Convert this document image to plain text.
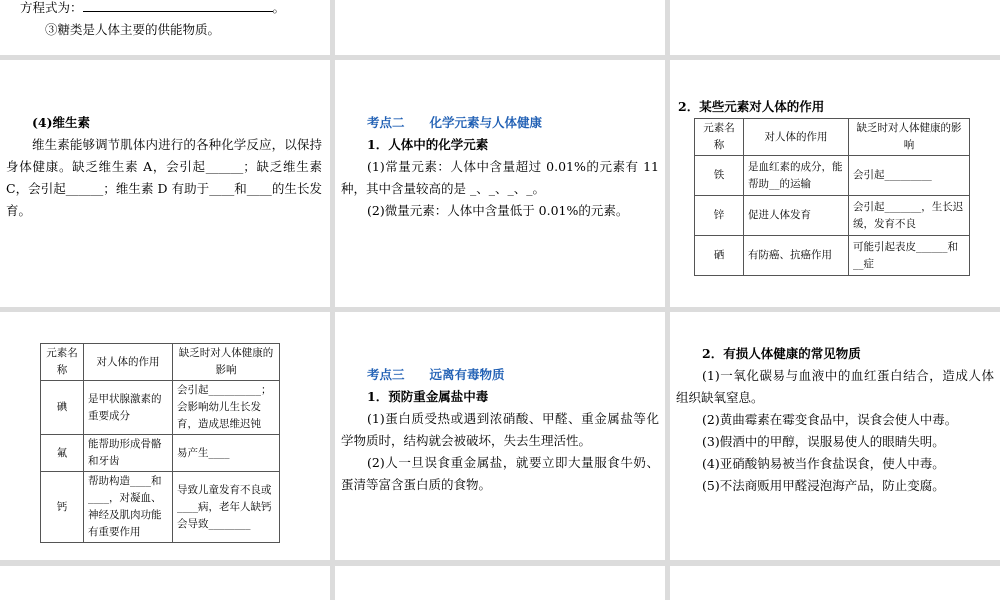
方程式为：	。
③糖类是人体主要的供能物质。

(4)维生素

维生素能够调节肌体内进行的各种化学反应，以保持身体健康。缺乏维生素 A，会引起______；缺乏维生素 C，会引起______；维生素 D 有助于____和____的生长发育。

考点二　　化学元素与人体健康

1．人体中的化学元素

(1)常量元素：人体中含量超过 0.01%的元素有 11 种，其中含量较高的是 _、_、_、_。

(2)微量元素：人体中含量低于 0.01%的元素。

2．某些元素对人体的作用
元素名称	对人体的作用	缺乏时对人体健康的影响
铁	是血红素的成分，能帮助__的运输	会引起_________
锌	促进人体发育	会引起_______，生长迟缓，发育不良
硒	有防癌、抗癌作用	可能引起表皮______和__症
元素名称	对人体的作用	缺乏时对人体健康的影响
碘	是甲状腺激素的重要成分	会引起__________；会影响幼儿生长发育，造成思维迟钝
氟	能帮助形成骨骼和牙齿	易产生____
钙	帮助构造____和____，对凝血、神经及肌肉功能有重要作用	导致儿童发育不良或____病，老年人缺钙会导致________

考点三　　远离有毒物质

1．预防重金属盐中毒

(1)蛋白质受热或遇到浓硝酸、甲醛、重金属盐等化学物质时，结构就会被破坏，失去生理活性。

(2)人一旦误食重金属盐，就要立即大量服食牛奶、蛋清等富含蛋白质的食物。

2．有损人体健康的常见物质

(1)一氧化碳易与血液中的血红蛋白结合，造成人体组织缺氧窒息。

(2)黄曲霉素在霉变食品中，误食会使人中毒。

(3)假酒中的甲醇，误服易使人的眼睛失明。

(4)亚硝酸钠易被当作食盐误食，使人中毒。

(5)不法商贩用甲醛浸泡海产品，防止变腐。
